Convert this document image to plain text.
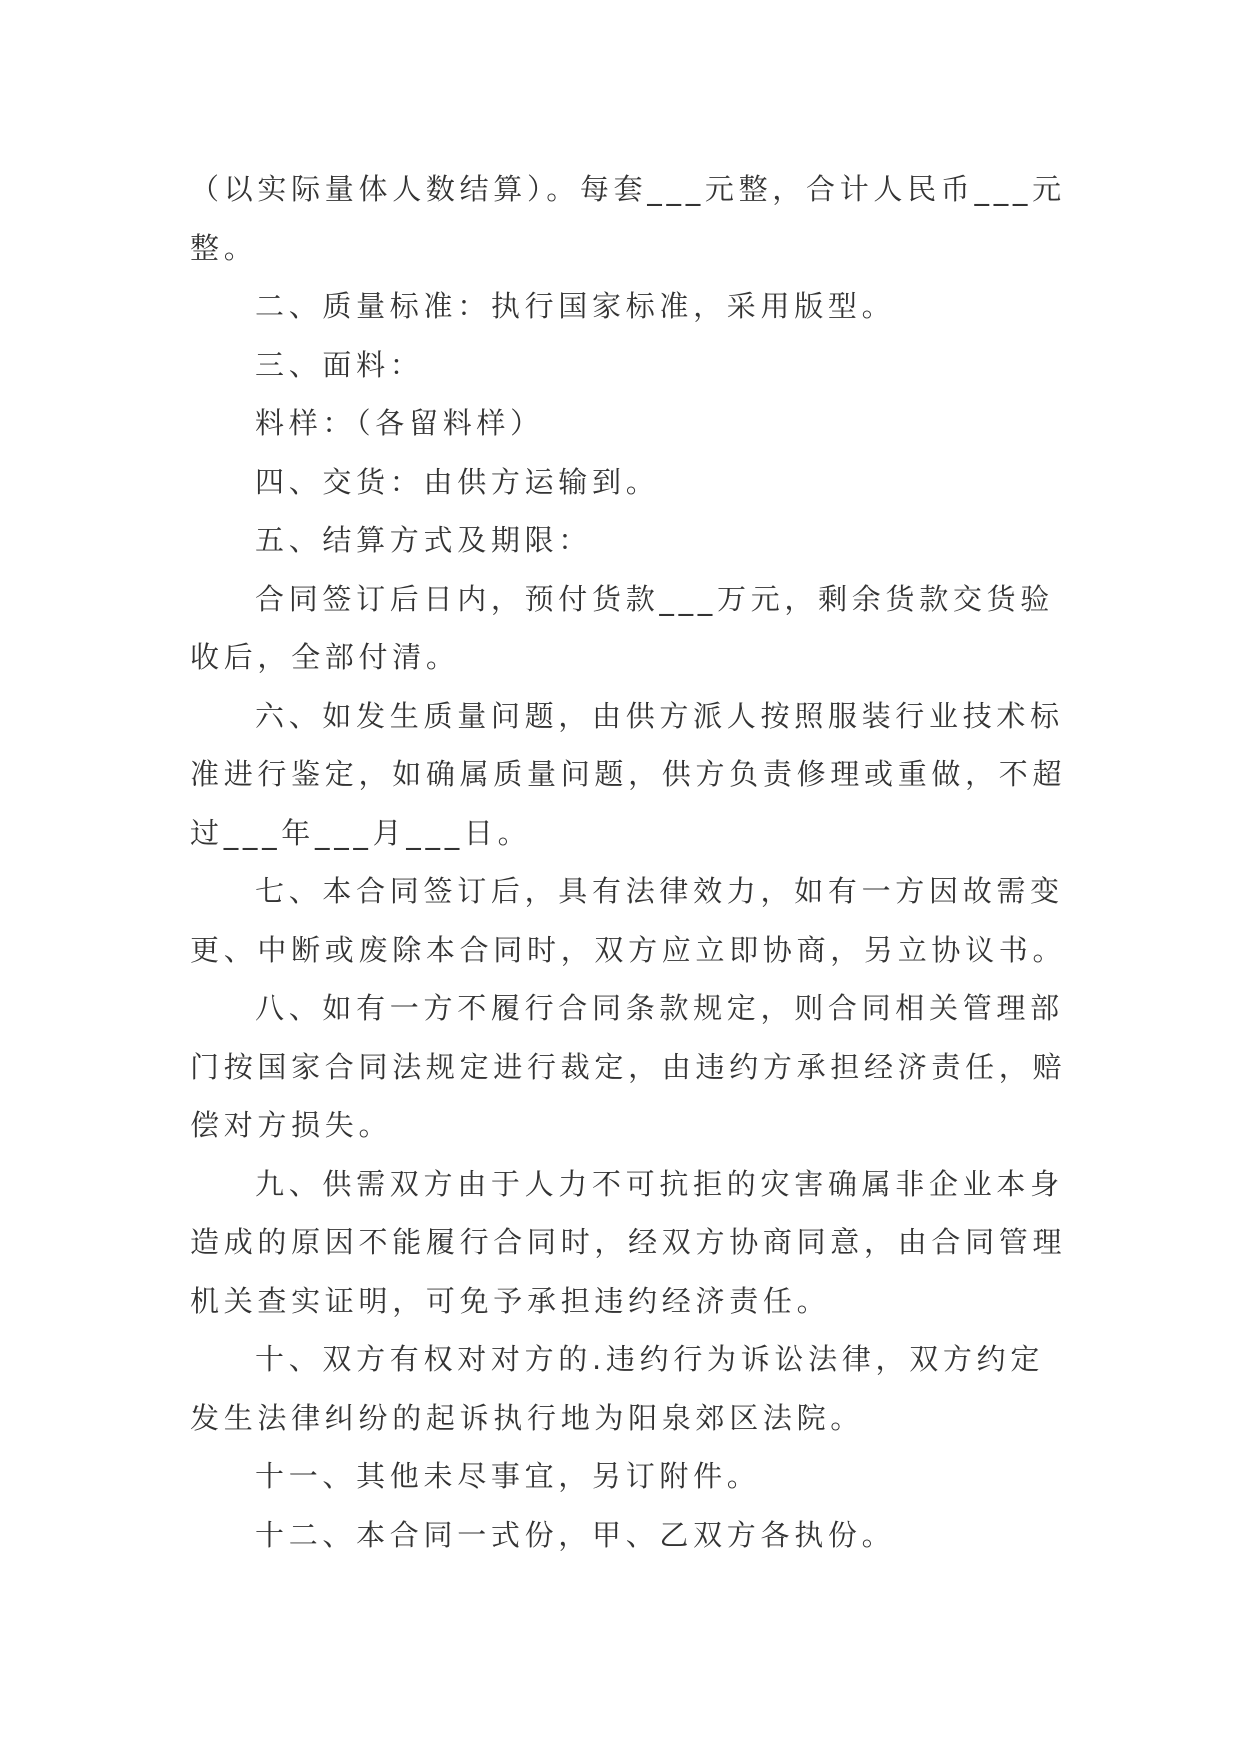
（以实际量体人数结算）。每套___元整，合计人民币___元
整。
二、质量标准：执行国家标准，采用版型。
三、面料：
料样：（各留料样）
四、交货：由供方运输到。
五、结算方式及期限：
合同签订后日内，预付货款___万元，剩余货款交货验
收后，全部付清。
六、如发生质量问题，由供方派人按照服装行业技术标
准进行鉴定，如确属质量问题，供方负责修理或重做，不超
过___年___月___日。
七、本合同签订后，具有法律效力，如有一方因故需变
更、中断或废除本合同时，双方应立即协商，另立协议书。
八、如有一方不履行合同条款规定，则合同相关管理部
门按国家合同法规定进行裁定，由违约方承担经济责任，赔
偿对方损失。
九、供需双方由于人力不可抗拒的灾害确属非企业本身
造成的原因不能履行合同时，经双方协商同意，由合同管理
机关查实证明，可免予承担违约经济责任。
十、双方有权对对方的.违约行为诉讼法律，双方约定
发生法律纠纷的起诉执行地为阳泉郊区法院。
十一、其他未尽事宜，另订附件。
十二、本合同一式份，甲、乙双方各执份。
